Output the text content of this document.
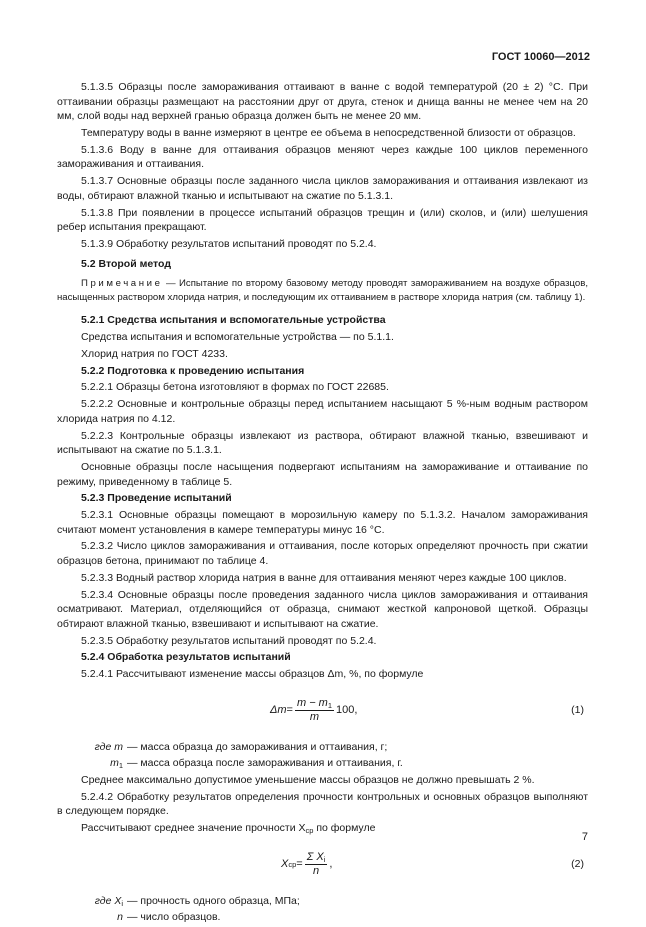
ГОСТ 10060—2012

5.1.3.5 Образцы после замораживания оттаивают в ванне с водой температурой (20 ± 2) °С. При оттаивании образцы размещают на расстоянии друг от друга, стенок и днища ванны не менее чем на 20 мм, слой воды над верхней гранью образца должен быть не менее 20 мм.

Температуру воды в ванне измеряют в центре ее объема в непосредственной близости от образцов.

5.1.3.6 Воду в ванне для оттаивания образцов меняют через каждые 100 циклов переменного замораживания и оттаивания.

5.1.3.7 Основные образцы после заданного числа циклов замораживания и оттаивания извлекают из воды, обтирают влажной тканью и испытывают на сжатие по 5.1.3.1.

5.1.3.8 При появлении в процессе испытаний образцов трещин и (или) сколов, и (или) шелушения ребер испытания прекращают.

5.1.3.9 Обработку результатов испытаний проводят по 5.2.4.

5.2 Второй метод

Примечание — Испытание по второму базовому методу проводят замораживанием на воздухе образцов, насыщенных раствором хлорида натрия, и последующим их оттаиванием в растворе хлорида натрия (см. таблицу 1).

5.2.1 Средства испытания и вспомогательные устройства

Средства испытания и вспомогательные устройства — по 5.1.1.

Хлорид натрия по ГОСТ 4233.

5.2.2 Подготовка к проведению испытания

5.2.2.1 Образцы бетона изготовляют в формах по ГОСТ 22685.

5.2.2.2 Основные и контрольные образцы перед испытанием насыщают 5 %-ным водным раствором хлорида натрия по 4.12.

5.2.2.3 Контрольные образцы извлекают из раствора, обтирают влажной тканью, взвешивают и испытывают на сжатие по 5.1.3.1.

Основные образцы после насыщения подвергают испытаниям на замораживание и оттаивание по режиму, приведенному в таблице 5.

5.2.3 Проведение испытаний

5.2.3.1 Основные образцы помещают в морозильную камеру по 5.1.3.2. Началом замораживания считают момент установления в камере температуры минус 16 °С.

5.2.3.2 Число циклов замораживания и оттаивания, после которых определяют прочность при сжатии образцов бетона, принимают по таблице 4.

5.2.3.3 Водный раствор хлорида натрия в ванне для оттаивания меняют через каждые 100 циклов.

5.2.3.4 Основные образцы после проведения заданного числа циклов замораживания и оттаивания осматривают. Материал, отделяющийся от образца, снимают жесткой капроновой щеткой. Образцы обтирают влажной тканью, взвешивают и испытывают на сжатие.

5.2.3.5 Обработку результатов испытаний проводят по 5.2.4.

5.2.4 Обработка результатов испытаний

5.2.4.1 Рассчитывают изменение массы образцов Δm, %, по формуле

$\Delta m = \frac{m - m_1}{m} 100$,	(1)
где m — масса образца до замораживания и оттаивания, г;
$m_1$ — масса образца после замораживания и оттаивания, г.

Среднее максимально допустимое уменьшение массы образцов не должно превышать 2 %.

5.2.4.2 Обработку результатов определения прочности контрольных и основных образцов выполняют в следующем порядке.

Рассчитывают среднее значение прочности $X_{ср}$ по формуле

X ср = $\frac{\Sigma X_i}{n}$ ,	(2)
где $X_i$ — прочность одного образца, МПа;
n — число образцов.
7
